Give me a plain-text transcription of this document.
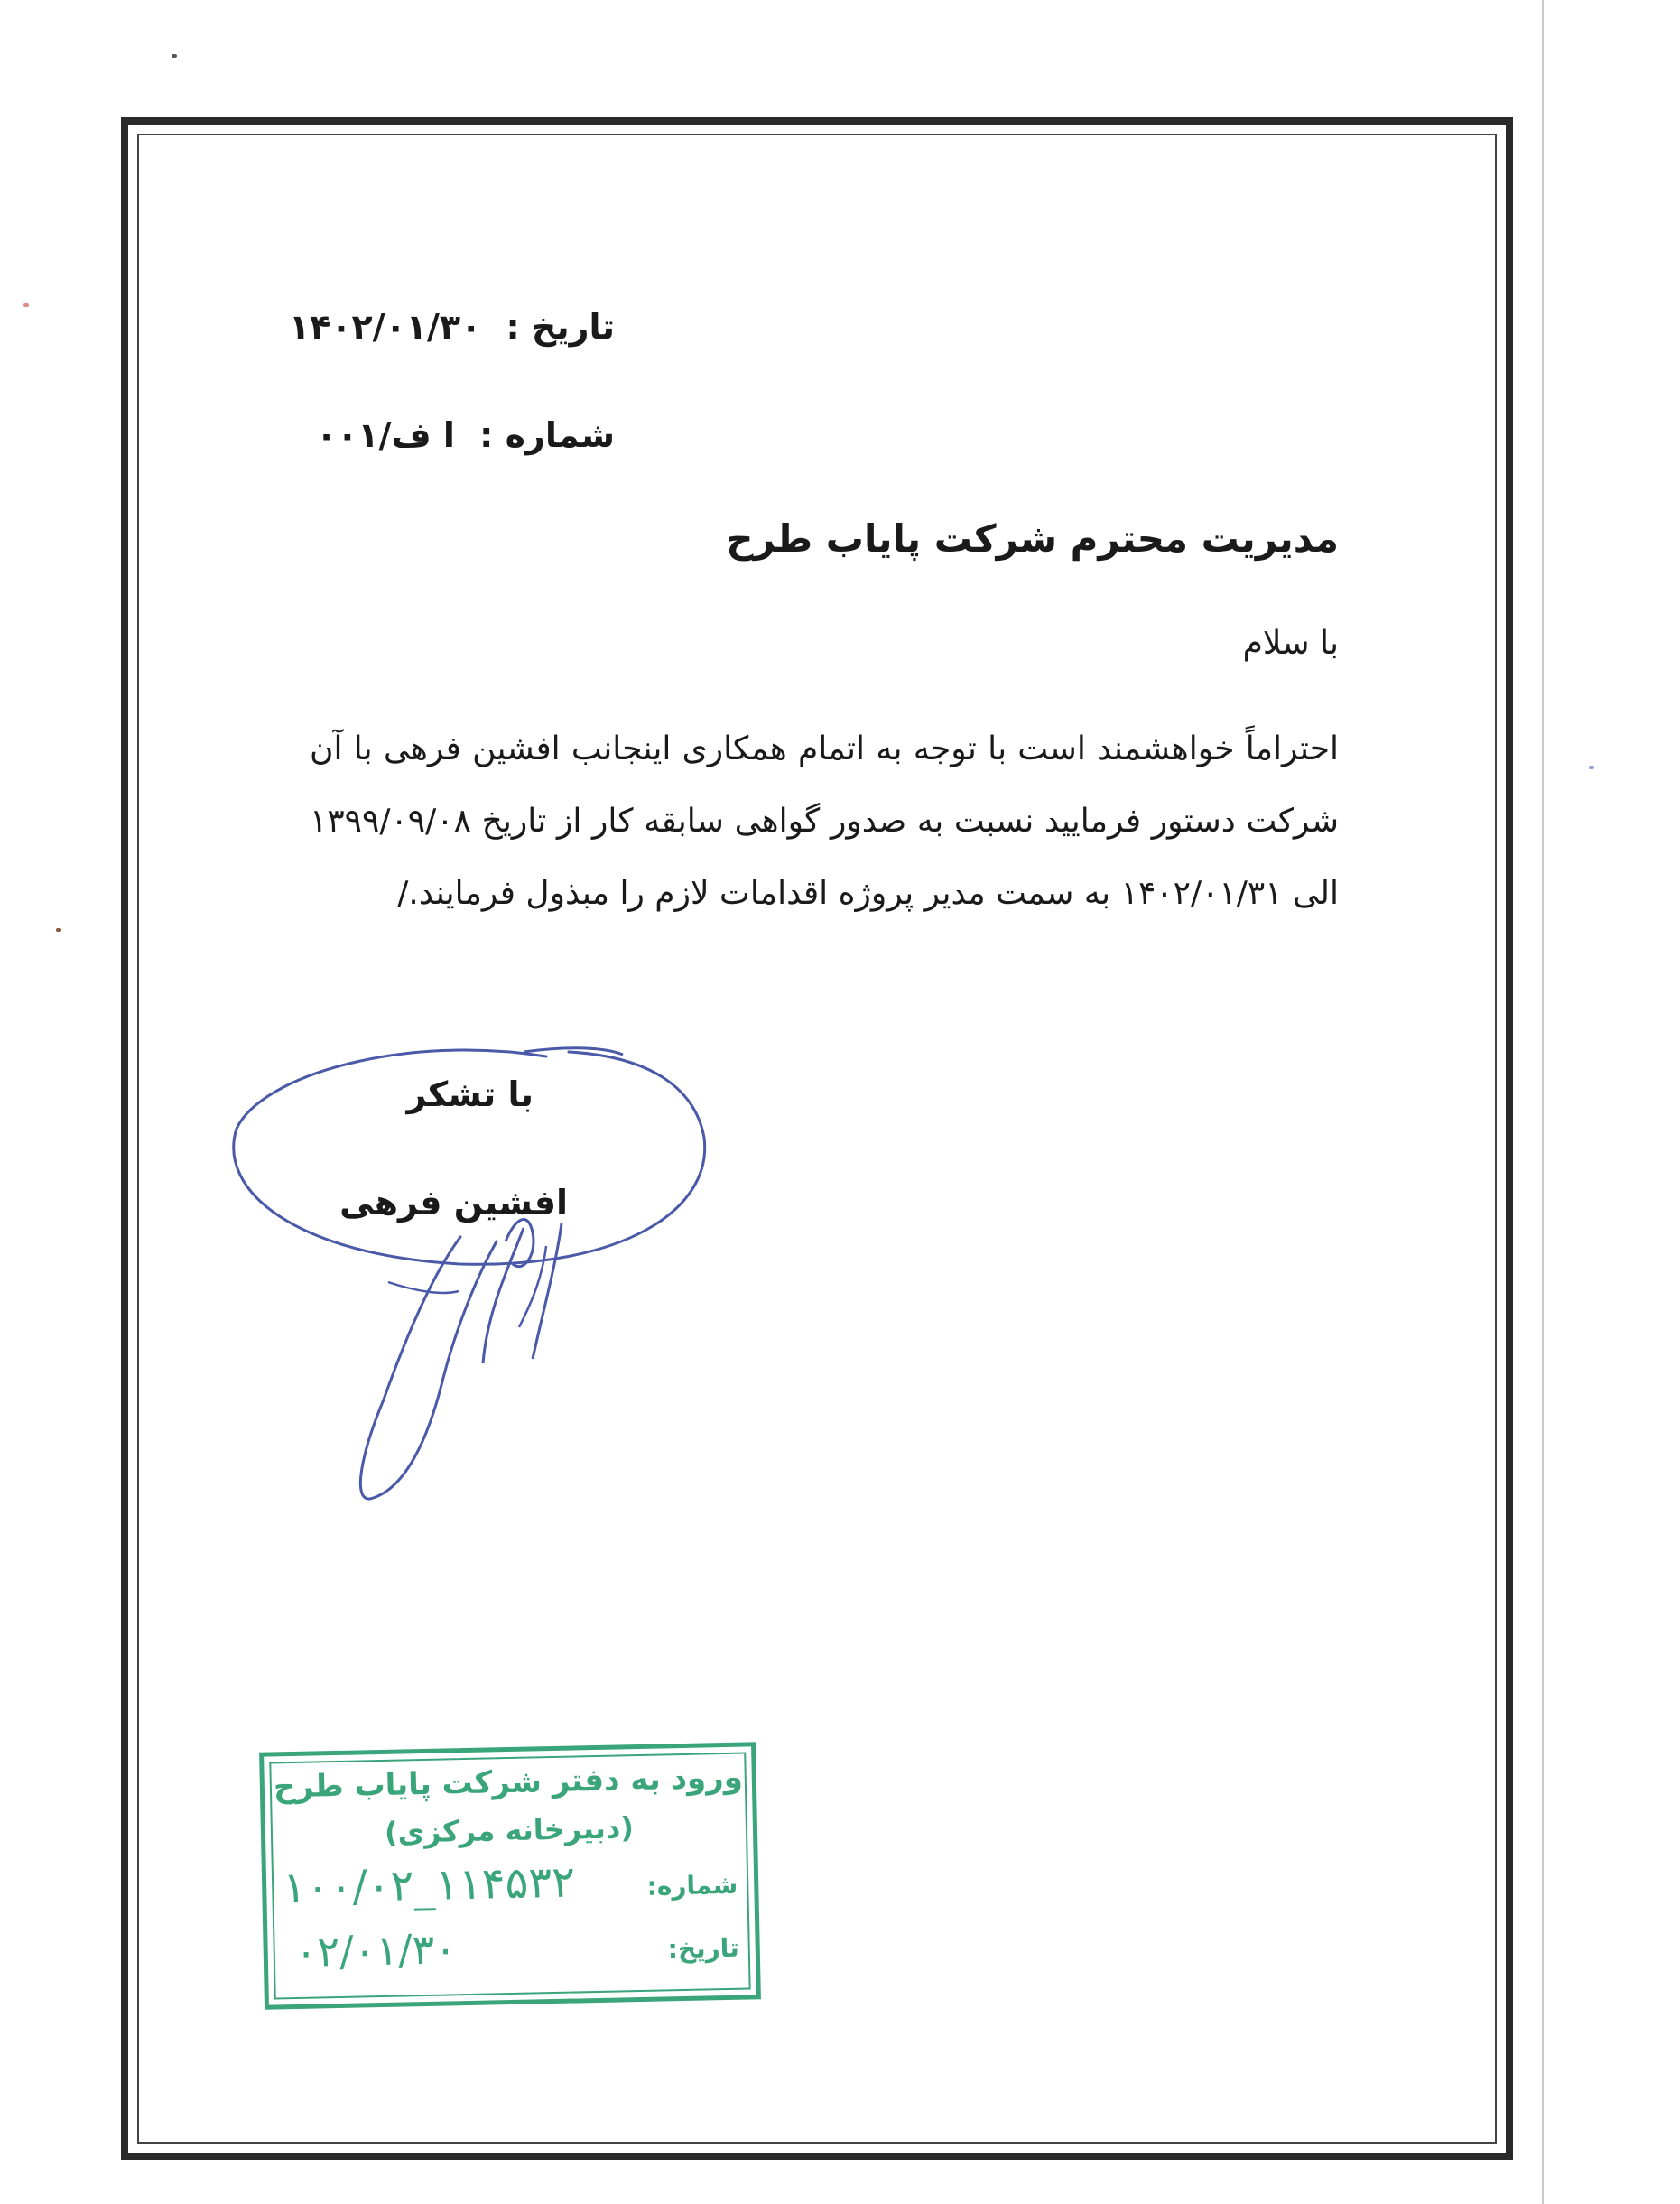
تاریخ : ۱۴۰۲/۰۱/۳۰
شماره : ا ف/۰۰۱
مدیریت محترم شرکت پایاب طرح
با سلام
احتراماً خواهشمند است با توجه به اتمام همکاری اینجانب افشین فرهی با آن شرکت دستور فرمایید نسبت به صدور گواهی سابقه کار از تاریخ ۱۳۹۹/۰۹/۰۸ الی ۱۴۰۲/۰۱/۳۱ به سمت مدیر پروژه اقدامات لازم را مبذول فرمایند./
با تشکر
افشین فرهی
ورود به دفتر شرکت پایاب طرح
(دبیرخانه مرکزی)
شماره:
۱۰۰/۰۲_۱۱۴۵۳۲
تاریخ:
۰۲/۰۱/۳۰
